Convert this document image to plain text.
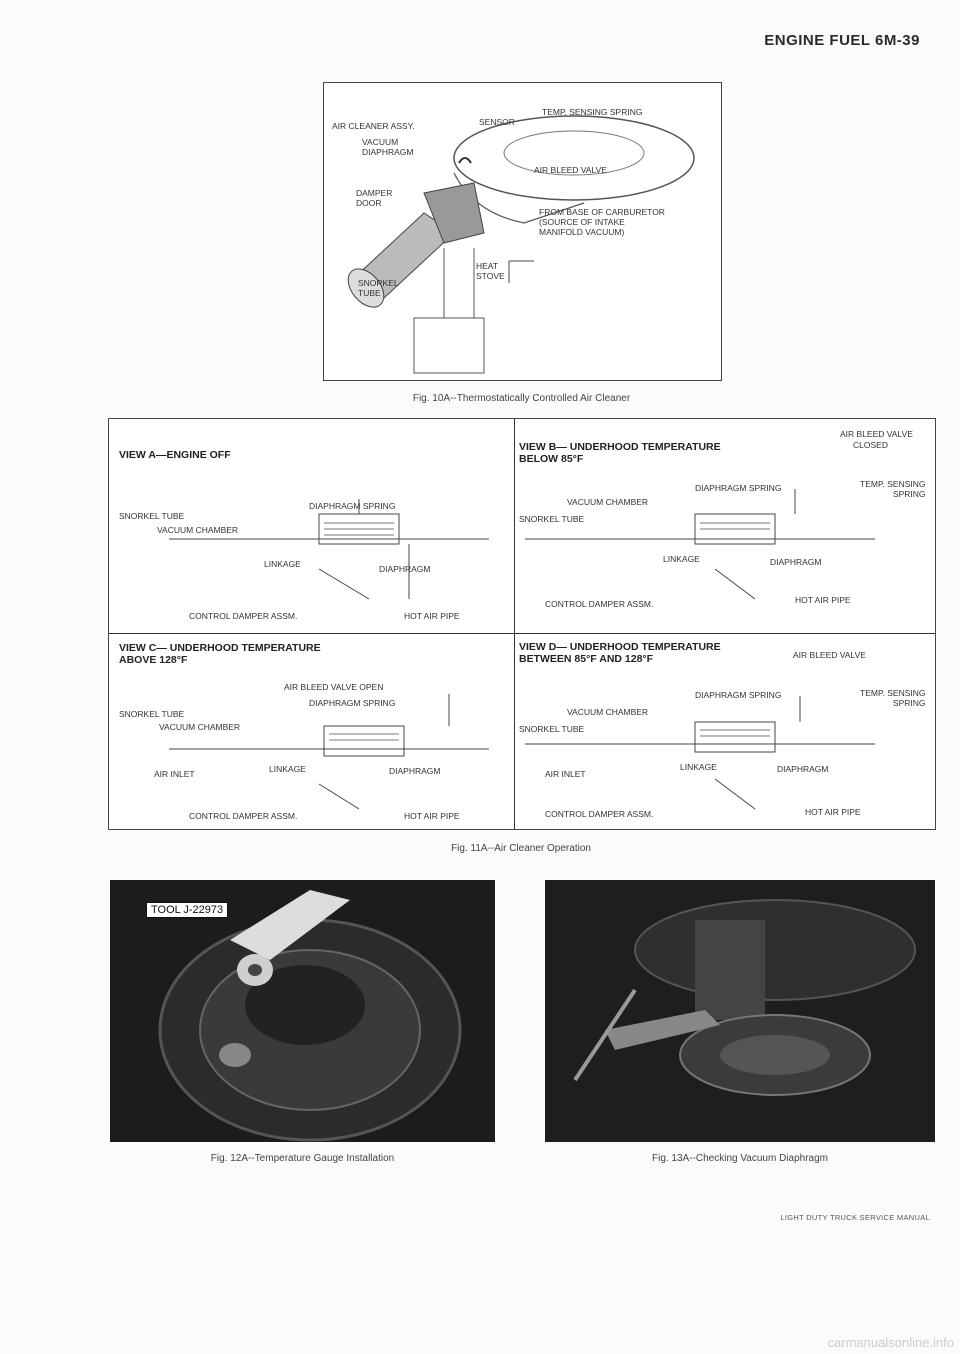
ENGINE FUEL 6M-39
AIR CLEANER ASSY.
TEMP. SENSING SPRING
SENSOR
VACUUM
DIAPHRAGM
AIR BLEED VALVE
DAMPER
DOOR
FROM BASE OF CARBURETOR
(SOURCE OF INTAKE
MANIFOLD VACUUM)
HEAT
STOVE
SNORKEL
TUBE
Fig. 10A--Thermostatically Controlled Air Cleaner
VIEW A—ENGINE OFF
SNORKEL TUBE
DIAPHRAGM SPRING
VACUUM CHAMBER
LINKAGE	DIAPHRAGM
CONTROL DAMPER ASSM.	HOT AIR PIPE
VIEW B— UNDERHOOD TEMPERATURE
BELOW 85°F
AIR BLEED VALVE
CLOSED
DIAPHRAGM SPRING	TEMP. SENSING
SPRING
VACUUM CHAMBER
SNORKEL TUBE
LINKAGE	DIAPHRAGM
CONTROL DAMPER ASSM.	HOT AIR PIPE
VIEW C— UNDERHOOD TEMPERATURE
ABOVE 128°F
AIR BLEED VALVE OPEN
DIAPHRAGM SPRING
SNORKEL TUBE
VACUUM CHAMBER
LINKAGE	DIAPHRAGM
AIR INLET
CONTROL DAMPER ASSM.	HOT AIR PIPE
VIEW D— UNDERHOOD TEMPERATURE
BETWEEN 85°F AND 128°F	AIR BLEED VALVE
DIAPHRAGM SPRING	TEMP. SENSING
SPRING
VACUUM CHAMBER
SNORKEL TUBE
LINKAGE	DIAPHRAGM
AIR INLET
CONTROL DAMPER ASSM.	HOT AIR PIPE
Fig. 11A--Air Cleaner Operation
TOOL J-22973
Fig. 12A--Temperature Gauge Installation	Fig. 13A--Checking Vacuum Diaphragm
LIGHT DUTY TRUCK SERVICE MANUAL
carmanualsonline.info
